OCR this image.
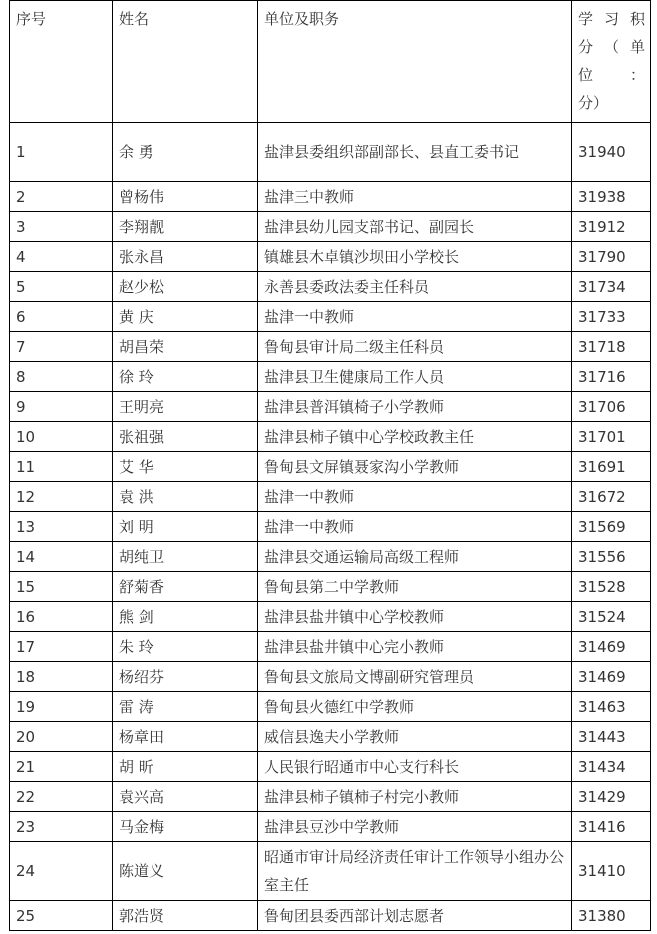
序号	姓名	单位及职务	学习积
分（单
位：
分）

1	余 勇	盐津县委组织部副部长、县直工委书记	31940
2	曾杨伟	盐津三中教师	31938
3	李翔靓	盐津县幼儿园支部书记、副园长	31912
4	张永昌	镇雄县木卓镇沙坝田小学校长	31790
5	赵少松	永善县委政法委主任科员	31734
6	黄 庆	盐津一中教师	31733
7	胡昌荣	鲁甸县审计局二级主任科员	31718
8	徐 玲	盐津县卫生健康局工作人员	31716
9	王明亮	盐津县普洱镇椅子小学教师	31706
10	张祖强	盐津县柿子镇中心学校政教主任	31701
11	艾 华	鲁甸县文屏镇聂家沟小学教师	31691
12	袁 洪	盐津一中教师	31672
13	刘 明	盐津一中教师	31569
14	胡纯卫	盐津县交通运输局高级工程师	31556
15	舒菊香	鲁甸县第二中学教师	31528
16	熊 剑	盐津县盐井镇中心学校教师	31524
17	朱 玲	盐津县盐井镇中心完小教师	31469
18	杨绍芬	鲁甸县文旅局文博副研究管理员	31469
19	雷 涛	鲁甸县火德红中学教师	31463
20	杨章田	威信县逸夫小学教师	31443
21	胡 昕	人民银行昭通市中心支行科长	31434
22	袁兴高	盐津县柿子镇柿子村完小教师	31429
23	马金梅	盐津县豆沙中学教师	31416
24	陈道义	昭通市审计局经济责任审计工作领导小组办公室主任	31410
25	郭浩贤	鲁甸团县委西部计划志愿者	31380
